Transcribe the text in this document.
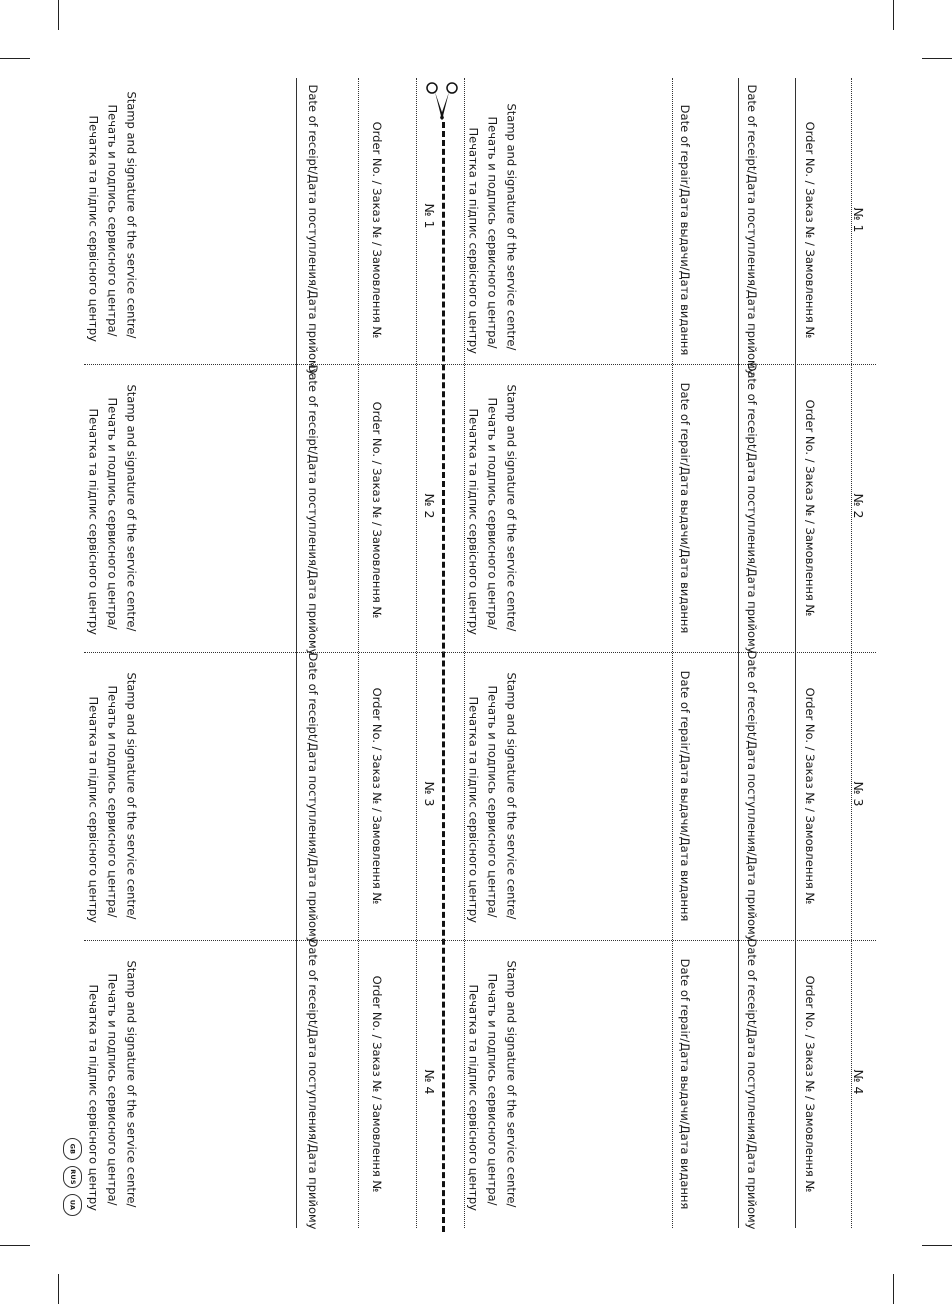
№ 1
Order No. / Заказ № / Замовлення №
Date of receipt/Дата поступления/Дата прийому
Date of repair/Дата выдачи/Дата видання
Stamp and signature of the service centre/
Печать и подпись сервисного центра/
Печатка та підпис сервісного центру
№ 1
Order No. / Заказ № / Замовлення №
Date of receipt/Дата поступления/Дата прийому
Stamp and signature of the service centre/
Печать и подпись сервисного центра/
Печатка та підпис сервісного центру
№ 2
Order No. / Заказ № / Замовлення №
Date of receipt/Дата поступления/Дата прийому
Date of repair/Дата выдачи/Дата видання
Stamp and signature of the service centre/
Печать и подпись сервисного центра/
Печатка та підпис сервісного центру
№ 2
Order No. / Заказ № / Замовлення №
Date of receipt/Дата поступления/Дата прийому
Stamp and signature of the service centre/
Печать и подпись сервисного центра/
Печатка та підпис сервісного центру
№ 3
Order No. / Заказ № / Замовлення №
Date of receipt/Дата поступления/Дата прийому
Date of repair/Дата выдачи/Дата видання
Stamp and signature of the service centre/
Печать и подпись сервисного центра/
Печатка та підпис сервісного центру
№ 3
Order No. / Заказ № / Замовлення №
Date of receipt/Дата поступления/Дата прийому
Stamp and signature of the service centre/
Печать и подпись сервисного центра/
Печатка та підпис сервісного центру
№ 4
Order No. / Заказ № / Замовлення №
Date of receipt/Дата поступления/Дата прийому
Date of repair/Дата выдачи/Дата видання
Stamp and signature of the service centre/
Печать и подпись сервисного центра/
Печатка та підпис сервісного центру
№ 4
Order No. / Заказ № / Замовлення №
Date of receipt/Дата поступления/Дата прийому
Stamp and signature of the service centre/
Печать и подпись сервисного центра/
Печатка та підпис сервісного центру
GB
RUS
UA
